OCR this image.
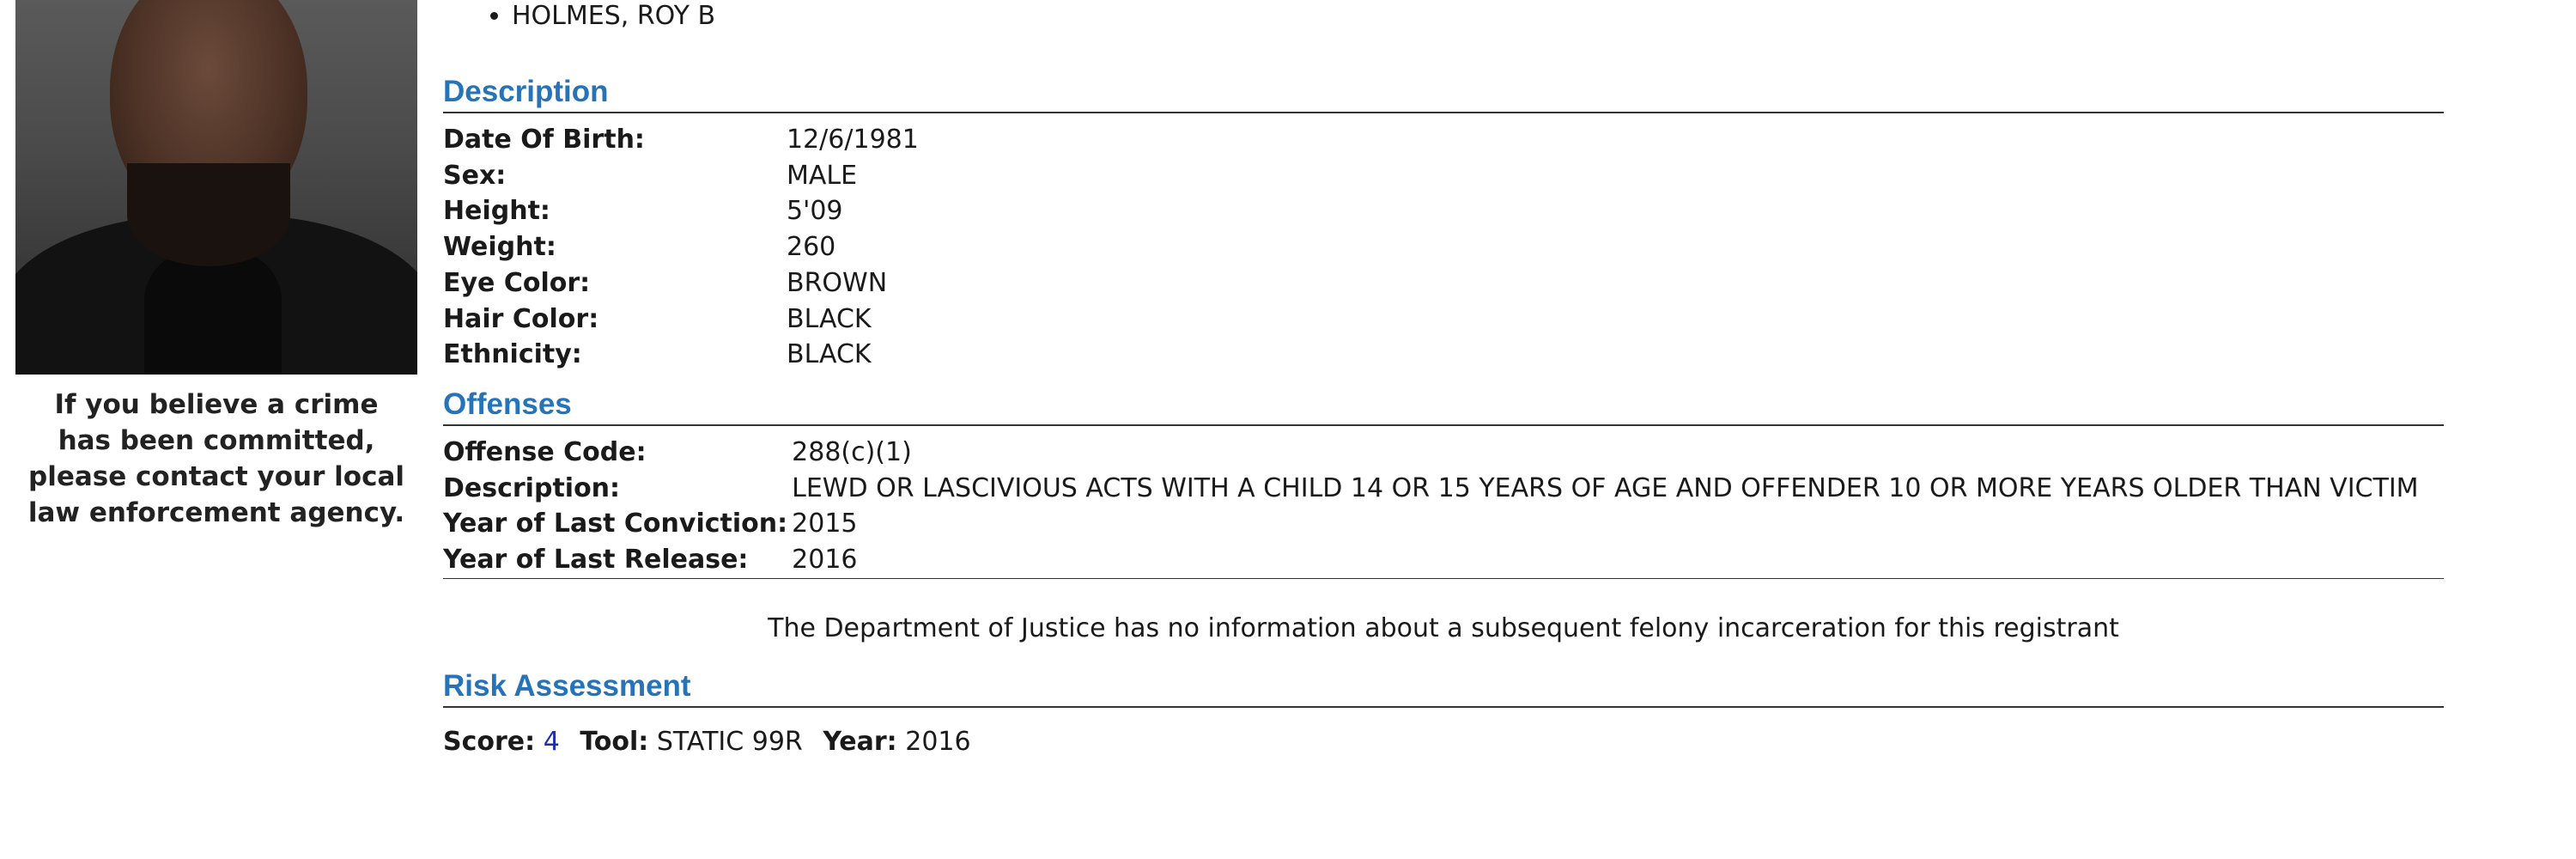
If you believe a crime has been committed, please contact your local law enforcement agency.
• HOLMES, ROY B
Description
Date Of Birth:	12/6/1981
Sex:	MALE
Height:	5'09
Weight:	260
Eye Color:	BROWN
Hair Color:	BLACK
Ethnicity:	BLACK
Offenses
Offense Code:	288(c)(1)
Description:	LEWD OR LASCIVIOUS ACTS WITH A CHILD 14 OR 15 YEARS OF AGE AND OFFENDER 10 OR MORE YEARS OLDER THAN VICTIM
Year of Last Conviction:	2015
Year of Last Release:	2016
The Department of Justice has no information about a subsequent felony incarceration for this registrant
Risk Assessment
Score: 4 Tool: STATIC 99R Year: 2016
